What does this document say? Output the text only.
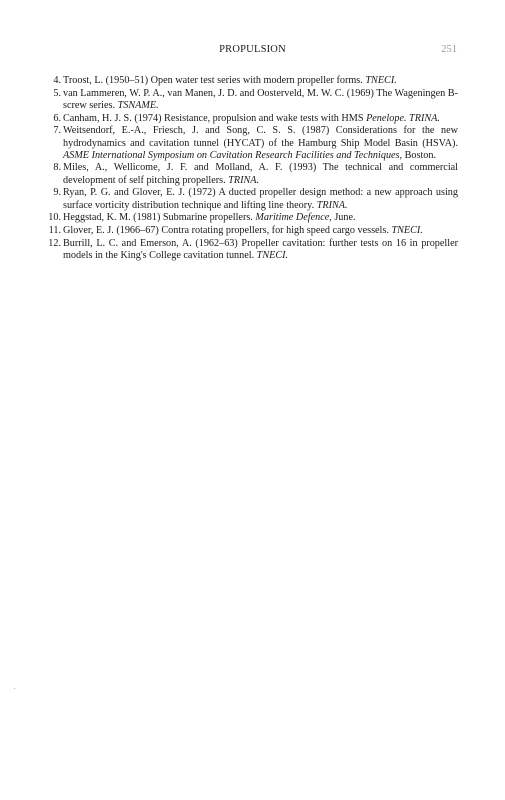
PROPULSION	251
4. Troost, L. (1950–51) Open water test series with modern propeller forms. TNECI.
5. van Lammeren, W. P. A., van Manen, J. D. and Oosterveld, M. W. C. (1969) The Wageningen B-screw series. TSNAME.
6. Canham, H. J. S. (1974) Resistance, propulsion and wake tests with HMS Penelope. TRINA.
7. Weitsendorf, E.-A., Friesch, J. and Song, C. S. S. (1987) Considerations for the new hydrodynamics and cavitation tunnel (HYCAT) of the Hamburg Ship Model Basin (HSVA). ASME International Symposium on Cavitation Research Facilities and Techniques, Boston.
8. Miles, A., Wellicome, J. F. and Molland, A. F. (1993) The technical and commercial development of self pitching propellers. TRINA.
9. Ryan, P. G. and Glover, E. J. (1972) A ducted propeller design method: a new approach using surface vorticity distribution technique and lifting line theory. TRINA.
10. Heggstad, K. M. (1981) Submarine propellers. Maritime Defence, June.
11. Glover, E. J. (1966–67) Contra rotating propellers, for high speed cargo vessels. TNECI.
12. Burrill, L. C. and Emerson, A. (1962–63) Propeller cavitation: further tests on 16 in propeller models in the King's College cavitation tunnel. TNECI.
